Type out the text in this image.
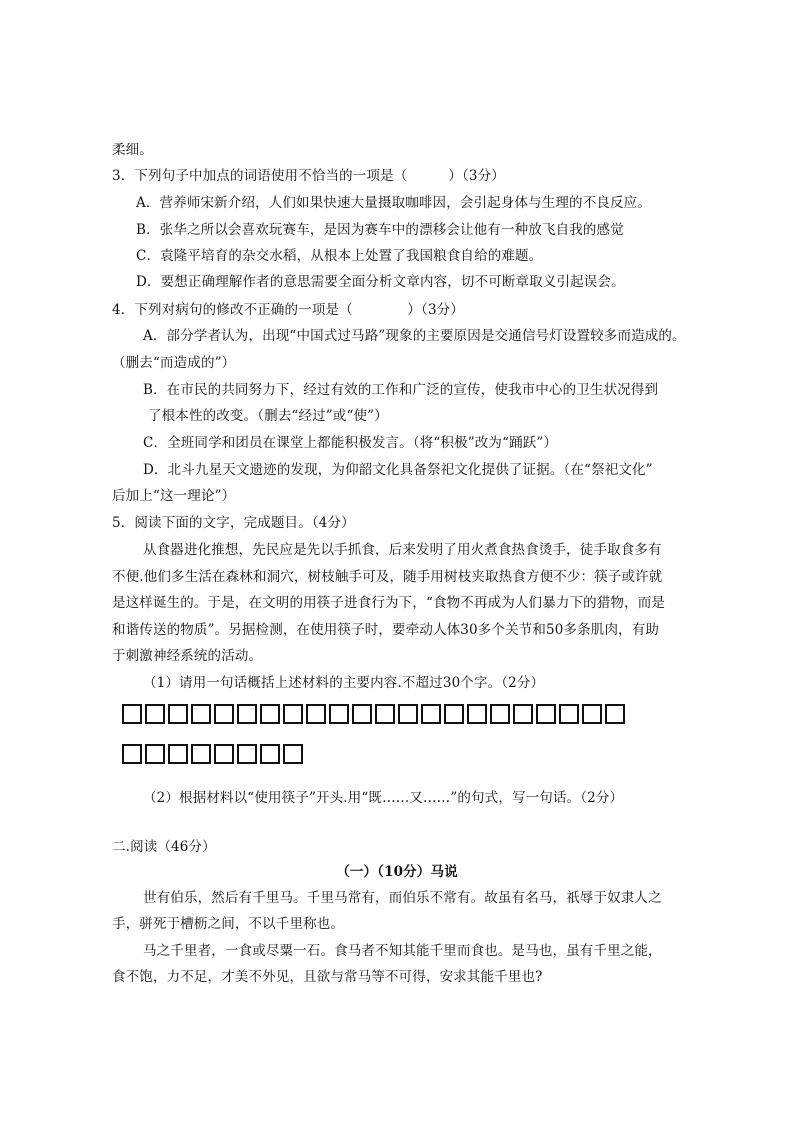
柔细。
3．下列句子中加点的词语使用不恰当的一项是（　　　）（3分）
A．营养师宋新介绍，人们如果快速大量摄取咖啡因，会引起身体与生理的不良反应。
B．张华之所以会喜欢玩赛车，是因为赛车中的漂移会让他有一种放飞自我的感觉
C．袁隆平培育的杂交水稻，从根本上处置了我国粮食自给的难题。
D．要想正确理解作者的意思需要全面分析文章内容，切不可断章取义引起误会。
4．下列对病句的修改不正确的一项是（　　　　）（3分）
A．部分学者认为，出现“中国式过马路”现象的主要原因是交通信号灯设置较多而造成的。
（删去“而造成的”）
B．在市民的共同努力下，经过有效的工作和广泛的宣传，使我市中心的卫生状况得到
了根本性的改变。（删去“经过”或“使”）
C．全班同学和团员在课堂上都能积极发言。（将“积极”改为“踊跃”）
D．北斗九星天文遗迹的发现，为仰韶文化具备祭祀文化提供了证据。（在“祭祀文化”
后加上“这一理论”）
5．阅读下面的文字，完成题目。（4分）
从食器进化推想，先民应是先以手抓食，后来发明了用火煮食热食烫手，徒手取食多有
不便.他们多生活在森林和洞穴，树枝触手可及，随手用树枝夹取热食方便不少：筷子或许就
是这样诞生的。于是，在文明的用筷子进食行为下，“食物不再成为人们暴力下的猎物，而是
和谐传送的物质”。另据检测，在使用筷子时，要牵动人体30多个关节和50多条肌肉，有助
于刺激神经系统的活动。
（1）请用一句话概括上述材料的主要内容.不超过30个字。（2分）
（2）根据材料以“使用筷子”开头.用“既……又……”的句式，写一句话。（2分）
二.阅读（46分）
（一）（10分）马说
世有伯乐，然后有千里马。千里马常有，而伯乐不常有。故虽有名马，祇辱于奴隶人之
手，骈死于槽枥之间，不以千里称也。
马之千里者，一食或尽粟一石。食马者不知其能千里而食也。是马也，虽有千里之能，
食不饱，力不足，才美不外见，且欲与常马等不可得，安求其能千里也?
